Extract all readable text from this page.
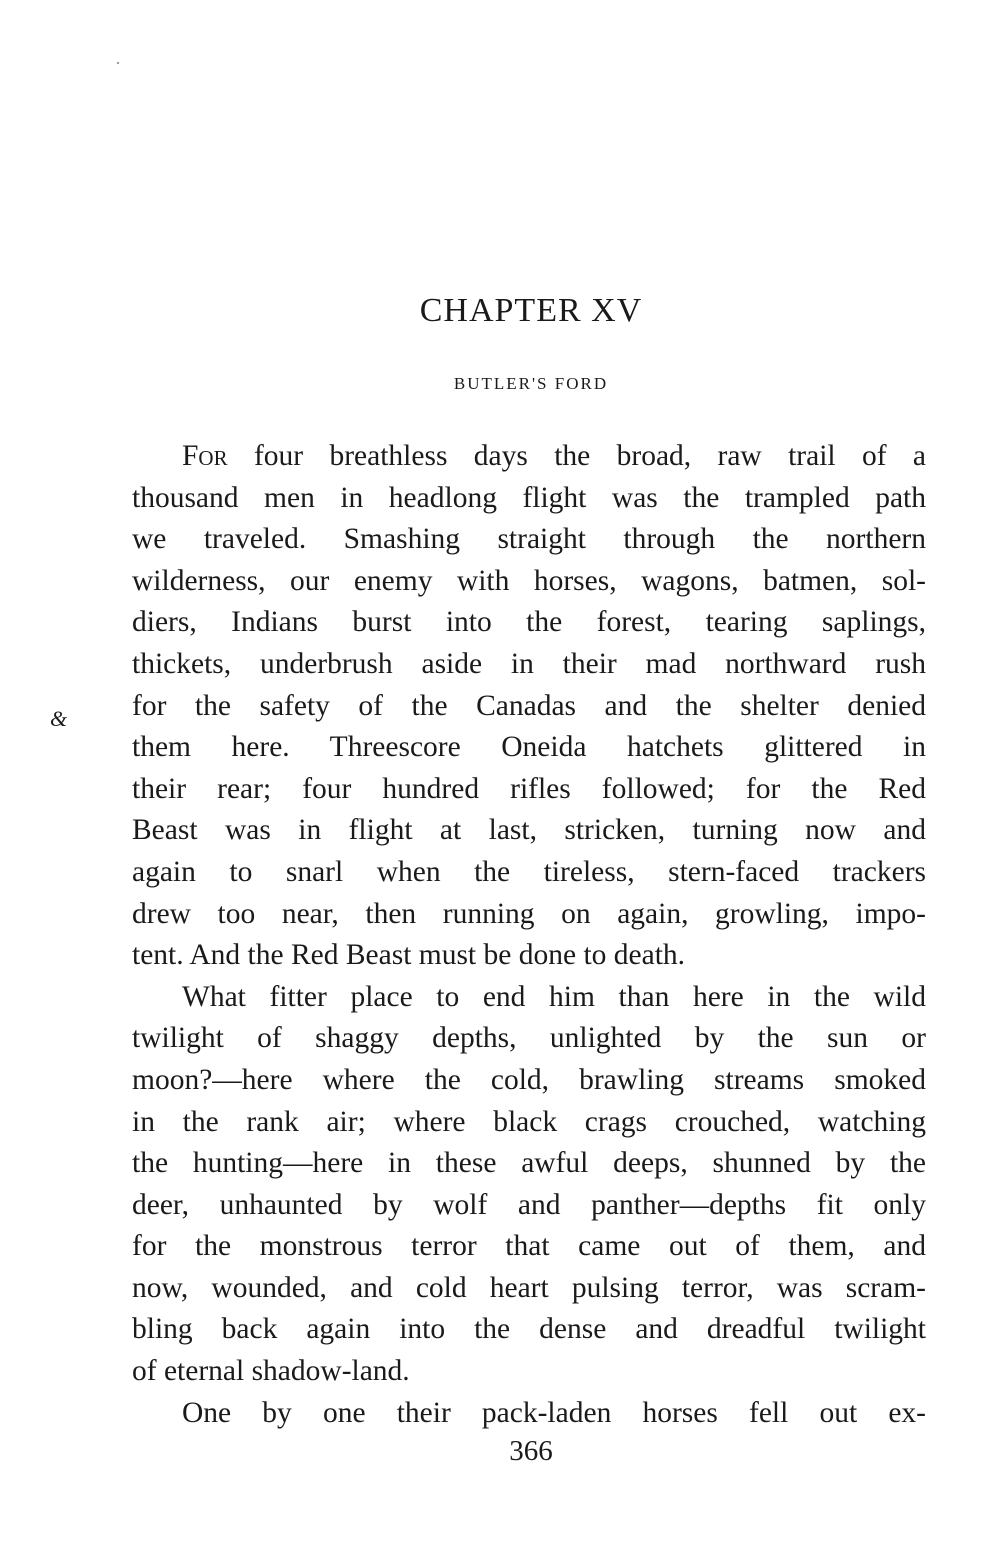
CHAPTER XV
BUTLER'S FORD
&
For four breathless days the broad, raw trail of a
thousand men in headlong flight was the trampled path
we traveled. Smashing straight through the northern
wilderness, our enemy with horses, wagons, batmen, sol-
diers, Indians burst into the forest, tearing saplings,
thickets, underbrush aside in their mad northward rush
for the safety of the Canadas and the shelter denied
them here. Threescore Oneida hatchets glittered in
their rear; four hundred rifles followed; for the Red
Beast was in flight at last, stricken, turning now and
again to snarl when the tireless, stern-faced trackers
drew too near, then running on again, growling, impo-
tent. And the Red Beast must be done to death.
What fitter place to end him than here in the wild
twilight of shaggy depths, unlighted by the sun or
moon?—here where the cold, brawling streams smoked
in the rank air; where black crags crouched, watching
the hunting—here in these awful deeps, shunned by the
deer, unhaunted by wolf and panther—depths fit only
for the monstrous terror that came out of them, and
now, wounded, and cold heart pulsing terror, was scram-
bling back again into the dense and dreadful twilight
of eternal shadow-land.
One by one their pack-laden horses fell out ex-
366
